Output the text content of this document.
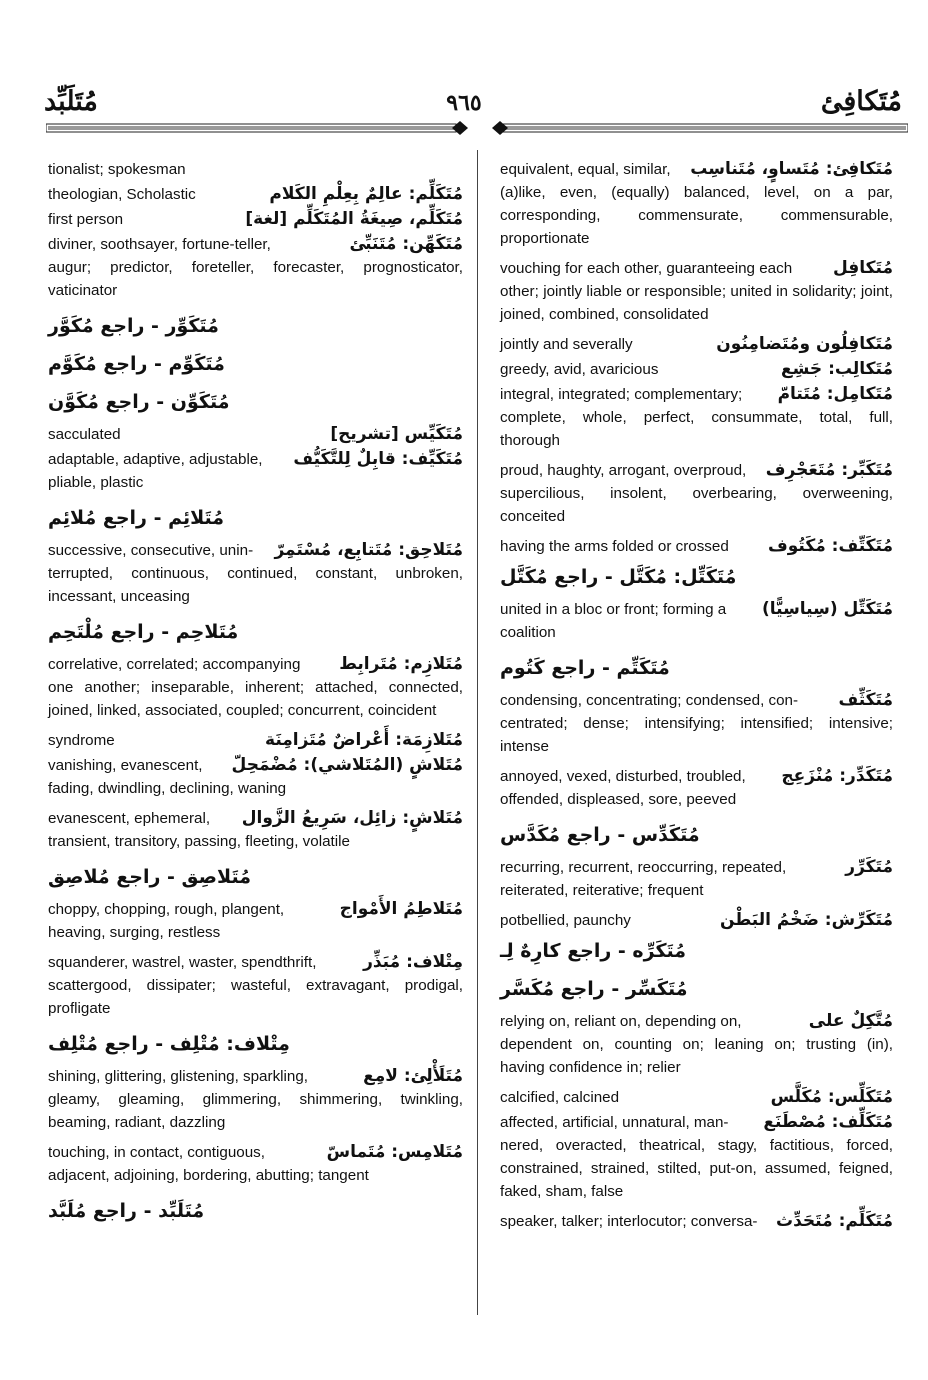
مُتَكافِئ
٩٦٥
مُتَلَبِّد
tionalist; spokesman
theologian, Scholastic	مُتَكَلِّم: عالِمٌ بِعِلْمِ الكَلام
first person	مُتَكَلِّم، صِيغَةُ المُتَكَلِّم [لغة]
diviner, soothsayer, fortune-teller,	مُتَكَهِّن: مُتَنَبِّئ
augur; predictor, foreteller, forecaster, prognosticator, vaticinator
مُتَكَوِّر - راجع مُكَوَّر
مُتَكَوِّم - راجع مُكَوَّم
مُتَكَوِّن - راجع مُكَوَّن
sacculated	مُتَكَيِّس [تشريح]
adaptable, adaptive, adjustable,	مُتَكَيِّف: قابِلٌ لِلتَّكَيُّف
pliable, plastic
مُتَلائِم - راجع مُلائِم
successive, consecutive, unin-	مُتَلاحِق: مُتَتابِع، مُسْتَمِرّ
terrupted, continuous, continued, constant, unbroken, incessant, unceasing
مُتَلاحِم - راجع مُلْتَحِم
correlative, correlated; accompanying	مُتَلازِم: مُتَرابِط
one another; inseparable, inherent; attached, connected, joined, linked, associated, coupled; concurrent, coincident
syndrome	مُتَلازِمَة: أَعْراضٌ مُتَزامِنَة
vanishing, evanescent,	مُتَلاشٍ (المُتَلاشي): مُضْمَحِلّ
fading, dwindling, declining, waning
evanescent, ephemeral,	مُتَلاشٍ: زائِل، سَرِيعُ الزَّوال
transient, transitory, passing, fleeting, volatile
مُتَلاصِق - راجع مُلاصِق
choppy, chopping, rough, plangent,	مُتَلاطِمُ الأَمْواج
heaving, surging, restless
squanderer, wastrel, waster, spendthrift,	مِتْلاف: مُبَذِّر
scattergood, dissipater; wasteful, extravagant, prodigal, profligate
مِتْلاف: مُتْلِف - راجع مُتْلِف
shining, glittering, glistening, sparkling,	مُتَلَأْلِئ: لامِع
gleamy, gleaming, glimmering, shimmering, twinkling, beaming, radiant, dazzling
touching, in contact, contiguous,	مُتَلامِس: مُتَماسّ
adjacent, adjoining, bordering, abutting; tangent
مُتَلَبِّد - راجع مُلَبَّد
equivalent, equal, similar,	مُتَكافِئ: مُتَساوٍ، مُتَناسِب
(a)like, even, (equally) balanced, level, on a par, corresponding, commensurate, commensurable, proportionate
vouching for each other, guaranteeing each	مُتَكافِل
other; jointly liable or responsible; united in solidarity; joint, joined, combined, consolidated
jointly and severally	مُتَكافِلُون ومُتَضامِنُون
greedy, avid, avaricious	مُتَكالِب: جَشِع
integral, integrated; complementary;	مُتَكامِل: مُتَتامّ
complete, whole, perfect, consummate, total, full, thorough
proud, haughty, arrogant, overproud,	مُتَكَبِّر: مُتَعَجْرِف
supercilious, insolent, overbearing, overweening, conceited
having the arms folded or crossed	مُتَكَتِّف: مُكَتُوف
مُتَكَتِّل: مُكَتَّل - راجع مُكَتَّل
united in a bloc or front; forming a	مُتَكَتِّل (سِياسِيًّا)
coalition
مُتَكَتِّم - راجع كَتُوم
condensing, concentrating; condensed, con-	مُتَكَثِّف
centrated; dense; intensifying; intensified; intensive; intense
annoyed, vexed, disturbed, troubled,	مُتَكَدِّر: مُنْزَعِج
offended, displeased, sore, peeved
مُتَكَدِّس - راجع مُكَدَّس
recurring, recurrent, reoccurring, repeated,	مُتَكَرِّر
reiterated, reiterative; frequent
potbellied, paunchy	مُتَكَرِّش: ضَخْمُ البَطْن
مُتَكَرِّه - راجع كارِهٌ لِـ
مُتَكَسِّر - راجع مُكَسَّر
relying on, reliant on, depending on,	مُتَّكِلٌ على
dependent on, counting on; leaning on; trusting (in), having confidence in; relier
calcified, calcined	مُتَكَلِّس: مُكَلَّس
affected, artificial, unnatural, man-	مُتَكَلِّف: مُصْطَنَع
nered, overacted, theatrical, stagy, factitious, forced, constrained, strained, stilted, put-on, assumed, feigned, faked, sham, false
speaker, talker; interlocutor; conversa-	مُتَكَلِّم: مُتَحَدِّث
